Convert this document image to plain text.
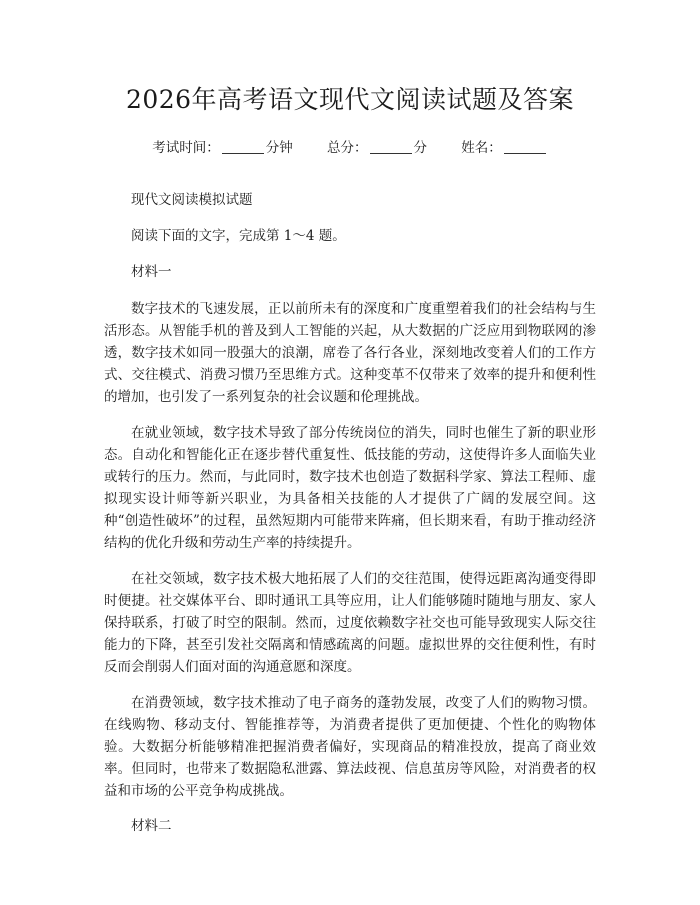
2026年高考语文现代文阅读试题及答案
考试时间：	分钟	总分：	分	姓名：

现代文阅读模拟试题

阅读下面的文字，完成第 1～4 题。

材料一

数字技术的飞速发展，正以前所未有的深度和广度重塑着我们的社会结构与生活形态。从智能手机的普及到人工智能的兴起，从大数据的广泛应用到物联网的渗透，数字技术如同一股强大的浪潮，席卷了各行各业，深刻地改变着人们的工作方式、交往模式、消费习惯乃至思维方式。这种变革不仅带来了效率的提升和便利性的增加，也引发了一系列复杂的社会议题和伦理挑战。

在就业领域，数字技术导致了部分传统岗位的消失，同时也催生了新的职业形态。自动化和智能化正在逐步替代重复性、低技能的劳动，这使得许多人面临失业或转行的压力。然而，与此同时，数字技术也创造了数据科学家、算法工程师、虚拟现实设计师等新兴职业，为具备相关技能的人才提供了广阔的发展空间。这种“创造性破坏”的过程，虽然短期内可能带来阵痛，但长期来看，有助于推动经济结构的优化升级和劳动生产率的持续提升。

在社交领域，数字技术极大地拓展了人们的交往范围，使得远距离沟通变得即时便捷。社交媒体平台、即时通讯工具等应用，让人们能够随时随地与朋友、家人保持联系，打破了时空的限制。然而，过度依赖数字社交也可能导致现实人际交往能力的下降，甚至引发社交隔离和情感疏离的问题。虚拟世界的交往便利性，有时反而会削弱人们面对面的沟通意愿和深度。

在消费领域，数字技术推动了电子商务的蓬勃发展，改变了人们的购物习惯。在线购物、移动支付、智能推荐等，为消费者提供了更加便捷、个性化的购物体验。大数据分析能够精准把握消费者偏好，实现商品的精准投放，提高了商业效率。但同时，也带来了数据隐私泄露、算法歧视、信息茧房等风险，对消费者的权益和市场的公平竞争构成挑战。

材料二
